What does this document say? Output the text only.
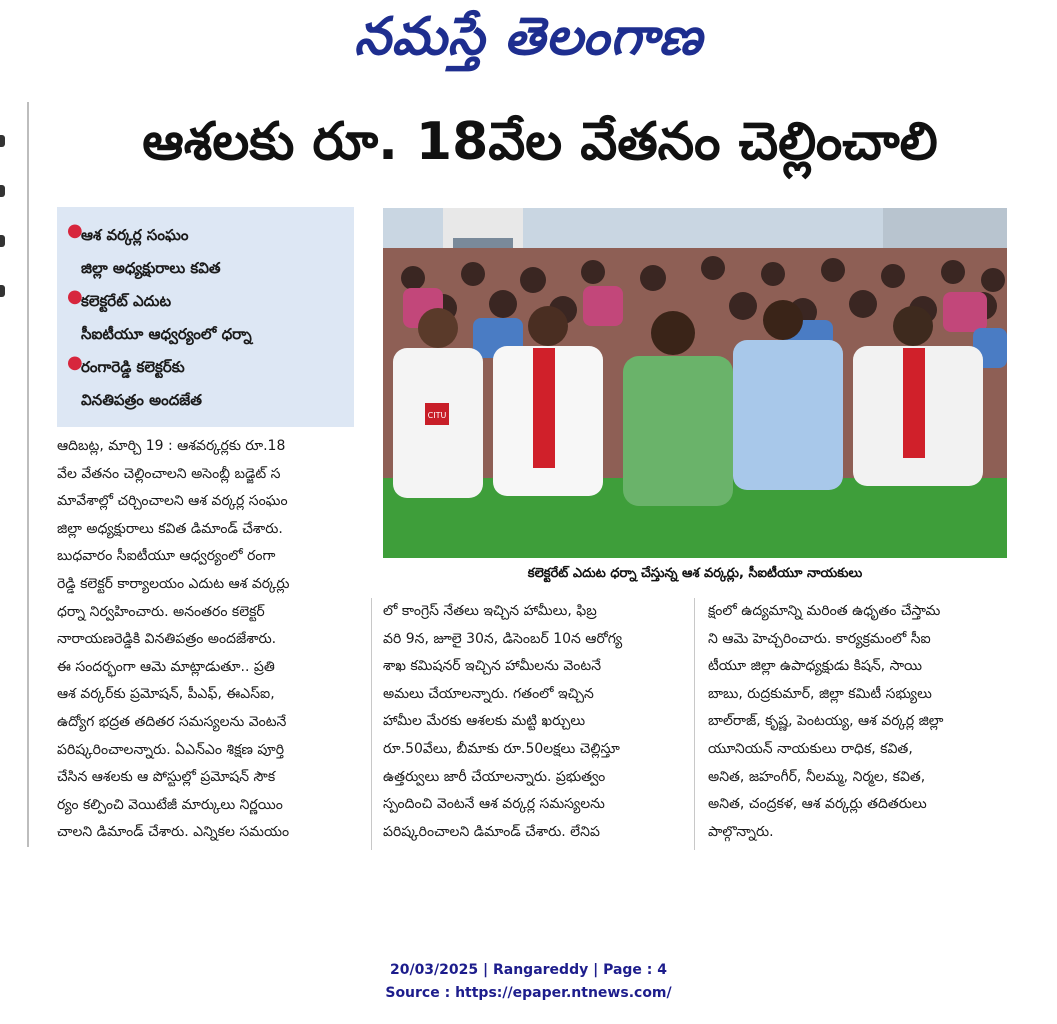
నమస్తే తెలంగాణ
ఆశలకు రూ. 18వేల వేతనం చెల్లించాలి
●
ఆశ వర్కర్ల సంఘం
జిల్లా అధ్యక్షురాలు కవిత
●
కలెక్టరేట్ ఎదుట
సీఐటీయూ ఆధ్వర్యంలో ధర్నా
●
రంగారెడ్డి కలెక్టర్‌కు
వినతిపత్రం అందజేత
CITU
కలెక్టరేట్ ఎదుట ధర్నా చేస్తున్న ఆశ వర్కర్లు, సీఐటీయూ నాయకులు

ఆదిబట్ల, మార్చి 19 : ఆశవర్కర్లకు రూ.18

వేల వేతనం చెల్లించాలని అసెంబ్లీ బడ్జెట్ స

మావేశాల్లో చర్చించాలని ఆశ వర్కర్ల సంఘం

జిల్లా అధ్యక్షురాలు కవిత డిమాండ్ చేశారు.

బుధవారం సీఐటీయూ ఆధ్వర్యంలో రంగా

రెడ్డి కలెక్టర్ కార్యాలయం ఎదుట ఆశ వర్కర్లు

ధర్నా నిర్వహించారు. అనంతరం కలెక్టర్

నారాయణరెడ్డికి వినతిపత్రం అందజేశారు.

ఈ సందర్భంగా ఆమె మాట్లాడుతూ.. ప్రతి

ఆశ వర్కర్‌కు ప్రమోషన్, పీఎఫ్, ఈఎస్ఐ,

ఉద్యోగ భద్రత తదితర సమస్యలను వెంటనే

పరిష్కరించాలన్నారు. ఏఎన్ఎం శిక్షణ పూర్తి

చేసిన ఆశలకు ఆ పోస్టుల్లో ప్రమోషన్ సౌక

ర్యం కల్పించి వెయిటేజీ మార్కులు నిర్ణయిం

చాలని డిమాండ్ చేశారు. ఎన్నికల సమయం

లో కాంగ్రెస్ నేతలు ఇచ్చిన హామీలు, ఫిబ్ర

వరి 9న, జూలై 30న, డిసెంబర్ 10న ఆరోగ్య

శాఖ కమిషనర్ ఇచ్చిన హామీలను వెంటనే

అమలు చేయాలన్నారు. గతంలో ఇచ్చిన

హామీల మేరకు ఆశలకు మట్టి ఖర్చులు

రూ.50వేలు, బీమాకు రూ.50లక్షలు చెల్లిస్తూ

ఉత్తర్వులు జారీ చేయాలన్నారు. ప్రభుత్వం

స్పందించి వెంటనే ఆశ వర్కర్ల సమస్యలను

పరిష్కరించాలని డిమాండ్ చేశారు. లేనిప

క్షంలో ఉద్యమాన్ని మరింత ఉధృతం చేస్తామ

ని ఆమె హెచ్చరించారు. కార్యక్రమంలో సీఐ

టీయూ జిల్లా ఉపాధ్యక్షుడు కిషన్, సాయి

బాబు, రుద్రకుమార్, జిల్లా కమిటీ సభ్యులు

బాల్‌రాజ్, కృష్ణ, పెంటయ్య, ఆశ వర్కర్ల జిల్లా

యూనియన్ నాయకులు రాధిక, కవిత,

అనిత, జహంగీర్, నీలమ్మ, నిర్మల, కవిత,

అనిత, చంద్రకళ, ఆశ వర్కర్లు తదితరులు

పాల్గొన్నారు.

20/03/2025 | Rangareddy | Page : 4
Source : https://epaper.ntnews.com/
